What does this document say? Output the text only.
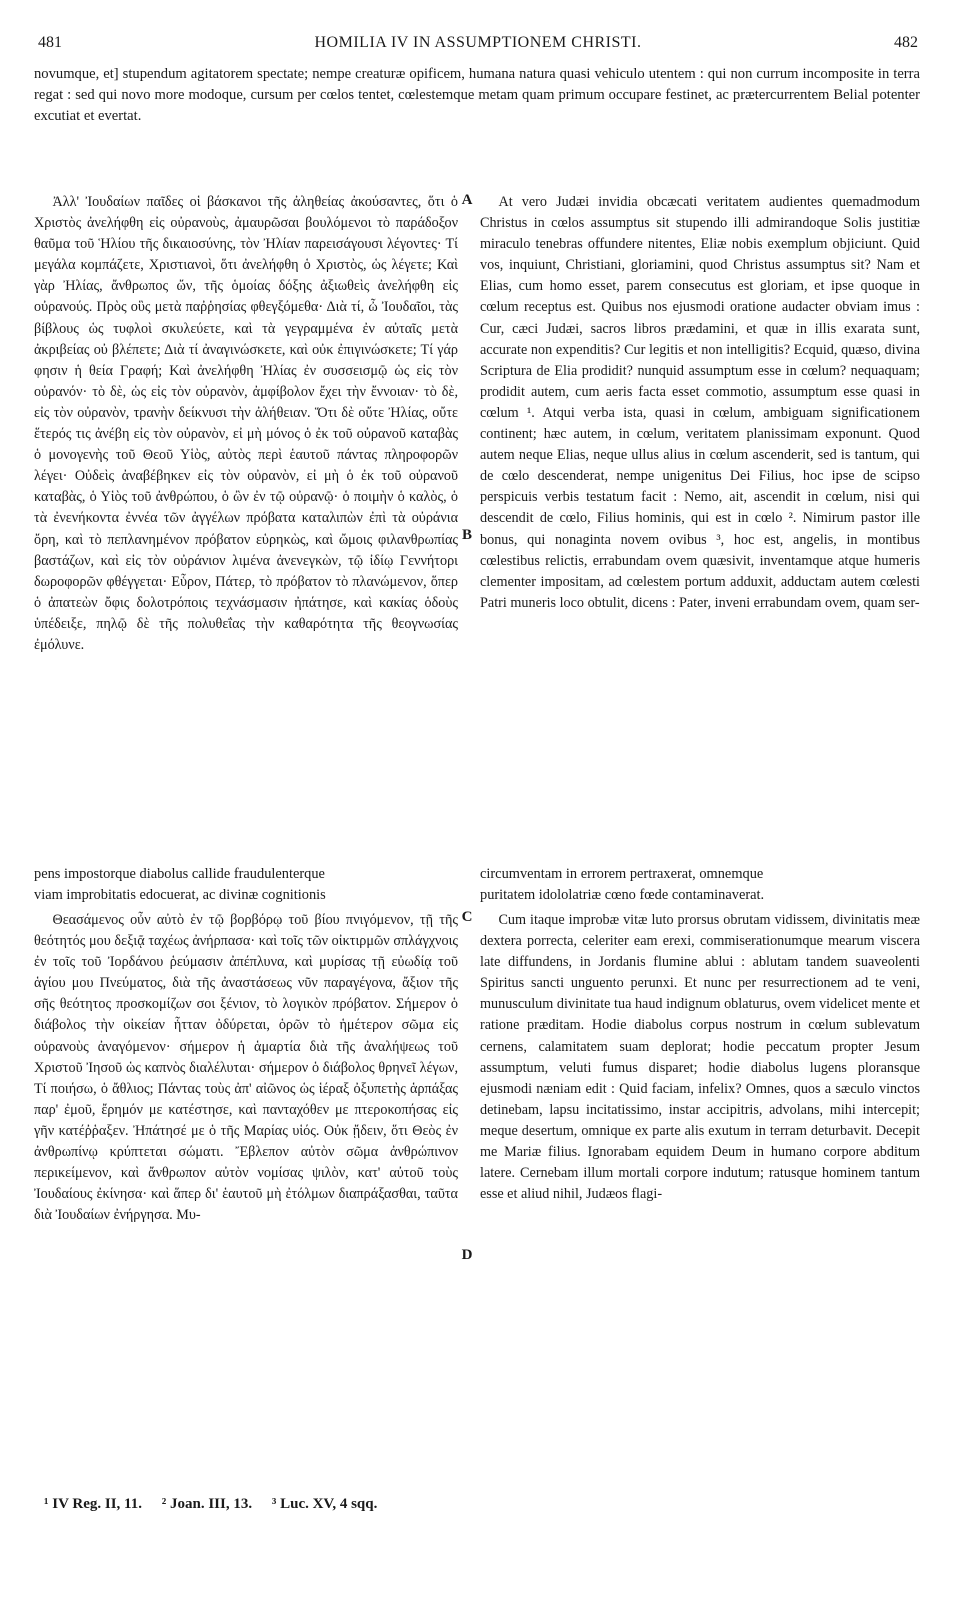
481	HOMILIA IV IN ASSUMPTIONEM CHRISTI.	482

novumque, et] stupendum agitatorem spectate; nempe creaturæ opificem, humana natura quasi vehiculo utentem : qui non currum incomposite in terra regat : sed qui novo more modoque, cursum per cœlos tentet, cœlestemque metam quam primum occupare festinet, ac prætercurrentem Belial potenter excutiat et evertat.

Ἀλλ' Ἰουδαίων παῖδες οἱ βάσκανοι τῆς ἀληθείας ἀκούσαντες, ὅτι ὁ Χριστὸς ἀνελήφθη εἰς οὐρανοὺς, ἀμαυρῶσαι βουλόμενοι τὸ παράδοξον θαῦμα τοῦ Ἡλίου τῆς δικαιοσύνης, τὸν Ἠλίαν παρεισάγουσι λέγοντες· Τί μεγάλα κομπάζετε, Χριστιανοὶ, ὅτι ἀνελήφθη ὁ Χριστὸς, ὡς λέγετε; Καὶ γὰρ Ἠλίας, ἄνθρωπος ὤν, τῆς ὁμοίας δόξης ἀξιωθεὶς ἀνελήφθη εἰς οὐρανούς. Πρὸς οὓς μετὰ παῤῥησίας φθεγξόμεθα· Διὰ τί, ὦ Ἰουδαῖοι, τὰς βίβλους ὡς τυφλοὶ σκυλεύετε, καὶ τὰ γεγραμμένα ἐν αὐταῖς μετὰ ἀκριβείας οὐ βλέπετε; Διὰ τί ἀναγινώσκετε, καὶ οὐκ ἐπιγινώσκετε; Τί γάρ φησιν ἡ θεία Γραφή; Καὶ ἀνελήφθη Ἠλίας ἐν συσσεισμῷ ὡς εἰς τὸν οὐρανόν· τὸ δὲ, ὡς εἰς τὸν οὐρανὸν, ἀμφίβολον ἔχει τὴν ἔννοιαν· τὸ δὲ, εἰς τὸν οὐρανὸν, τρανὴν δείκνυσι τὴν ἀλήθειαν. Ὅτι δὲ οὔτε Ἠλίας, οὔτε ἕτερός τις ἀνέβη εἰς τὸν οὐρανὸν, εἰ μὴ μόνος ὁ ἐκ τοῦ οὐρανοῦ καταβὰς ὁ μονογενὴς τοῦ Θεοῦ Υἱὸς, αὐτὸς περὶ ἑαυτοῦ πάντας πληροφορῶν λέγει· Οὐδεὶς ἀναβέβηκεν εἰς τὸν οὐρανὸν, εἰ μὴ ὁ ἐκ τοῦ οὐρανοῦ καταβὰς, ὁ Υἱὸς τοῦ ἀνθρώπου, ὁ ὢν ἐν τῷ οὐρανῷ· ὁ ποιμὴν ὁ καλὸς, ὁ τὰ ἐνενήκοντα ἐννέα τῶν ἀγγέλων πρόβατα καταλιπὼν ἐπὶ τὰ οὐράνια ὄρη, καὶ τὸ πεπλανημένον πρόβατον εὑρηκὼς, καὶ ὤμοις φιλανθρωπίας βαστάζων, καὶ εἰς τὸν οὐράνιον λιμένα ἀνενεγκὼν, τῷ ἰδίῳ Γεννήτορι δωροφορῶν φθέγγεται· Εὗρον, Πάτερ, τὸ πρόβατον τὸ πλανώμενον, ὅπερ ὁ ἀπατεὼν ὄφις δολοτρόποις τεχνάσμασιν ἠπάτησε, καὶ κακίας ὁδοὺς ὑπέδειξε, πηλῷ δὲ τῆς πολυθεΐας τὴν καθαρότητα τῆς θεογνωσίας ἐμόλυνε.

At vero Judæi invidia obcæcati veritatem audientes quemadmodum Christus in cœlos assumptus sit stupendo illi admirandoque Solis justitiæ miraculo tenebras offundere nitentes, Eliæ nobis exemplum objiciunt. Quid vos, inquiunt, Christiani, gloriamini, quod Christus assumptus sit? Nam et Elias, cum homo esset, parem consecutus est gloriam, et ipse quoque in cœlum receptus est. Quibus nos ejusmodi oratione audacter obviam imus : Cur, cæci Judæi, sacros libros prædamini, et quæ in illis exarata sunt, accurate non expenditis? Cur legitis et non intelligitis? Ecquid, quæso, divina Scriptura de Elia prodidit? nunquid assumptum esse in cœlum? nequaquam; prodidit autem, cum aeris facta esset commotio, assumptum esse quasi in cœlum ¹. Atqui verba ista, quasi in cœlum, ambiguam significationem continent; hæc autem, in cœlum, veritatem planissimam exponunt. Quod autem neque Elias, neque ullus alius in cœlum ascenderit, sed is tantum, qui de cœlo descenderat, nempe unigenitus Dei Filius, hoc ipse de scipso perspicuis verbis testatum facit : Nemo, ait, ascendit in cœlum, nisi qui descendit de cœlo, Filius hominis, qui est in cœlo ². Nimirum pastor ille bonus, qui nonaginta novem ovibus ³, hoc est, angelis, in montibus cœlestibus relictis, errabundam ovem quæsivit, inventamque atque humeris clementer impositam, ad cœlestem portum adduxit, adductam autem cœlesti Patri muneris loco obtulit, dicens : Pater, inveni errabundam ovem, quam ser-

A
B
C
D
pens impostorque diabolus callide fraudulenterque	circumventam in errorem pertraxerat, omnemque
viam improbitatis edocuerat, ac divinæ cognitionis	puritatem idololatriæ cœno fœde contaminaverat.

Θεασάμενος οὖν αὐτὸ ἐν τῷ βορβόρῳ τοῦ βίου πνιγόμενον, τῇ τῆς θεότητός μου δεξιᾷ ταχέως ἀνήρπασα· καὶ τοῖς τῶν οἰκτιρμῶν σπλάγχνοις ἐν τοῖς τοῦ Ἰορδάνου ῥεύμασιν ἀπέπλυνα, καὶ μυρίσας τῇ εὐωδίᾳ τοῦ ἁγίου μου Πνεύματος, διὰ τῆς ἀναστάσεως νῦν παραγέγονα, ἄξιον τῆς σῆς θεότητος προσκομίζων σοι ξένιον, τὸ λογικὸν πρόβατον. Σήμερον ὁ διάβολος τὴν οἰκείαν ἧτταν ὀδύρεται, ὁρῶν τὸ ἡμέτερον σῶμα εἰς οὐρανοὺς ἀναγόμενον· σήμερον ἡ ἁμαρτία διὰ τῆς ἀναλήψεως τοῦ Χριστοῦ Ἰησοῦ ὡς καπνὸς διαλέλυται· σήμερον ὁ διάβολος θρηνεῖ λέγων, Τί ποιήσω, ὁ ἄθλιος; Πάντας τοὺς ἀπ' αἰῶνος ὡς ἱέραξ ὀξυπετὴς ἁρπάξας παρ' ἐμοῦ, ἔρημόν με κατέστησε, καὶ πανταχόθεν με πτεροκοπήσας εἰς γῆν κατέῤῥαξεν. Ἠπάτησέ με ὁ τῆς Μαρίας υἱός. Οὐκ ᾔδειν, ὅτι Θεὸς ἐν ἀνθρωπίνῳ κρύπτεται σώματι. Ἔβλεπον αὐτὸν σῶμα ἀνθρώπινον περικείμενον, καὶ ἄνθρωπον αὐτὸν νομίσας ψιλὸν, κατ' αὐτοῦ τοὺς Ἰουδαίους ἐκίνησα· καὶ ἅπερ δι' ἑαυτοῦ μὴ ἐτόλμων διαπράξασθαι, ταῦτα διὰ Ἰουδαίων ἐνήργησα. Μυ-

Cum itaque improbæ vitæ luto prorsus obrutam vidissem, divinitatis meæ dextera porrecta, celeriter eam erexi, commiserationumque mearum viscera late diffundens, in Jordanis flumine ablui : ablutam tandem suaveolenti Spiritus sancti unguento perunxi. Et nunc per resurrectionem ad te veni, munusculum divinitate tua haud indignum oblaturus, ovem videlicet mente et ratione præditam. Hodie diabolus corpus nostrum in cœlum sublevatum cernens, calamitatem suam deplorat; hodie peccatum propter Jesum assumptum, veluti fumus disparet; hodie diabolus lugens ploransque ejusmodi næniam edit : Quid faciam, infelix? Omnes, quos a sæculo vinctos detinebam, lapsu incitatissimo, instar accipitris, advolans, mihi intercepit; meque desertum, omnique ex parte alis exutum in terram deturbavit. Decepit me Mariæ filius. Ignorabam equidem Deum in humano corpore abditum latere. Cernebam illum mortali corpore indutum; ratusque hominem tantum esse et aliud nihil, Judæos flagi-

¹ IV Reg. II, 11. ² Joan. III, 13. ³ Luc. XV, 4 sqq.
